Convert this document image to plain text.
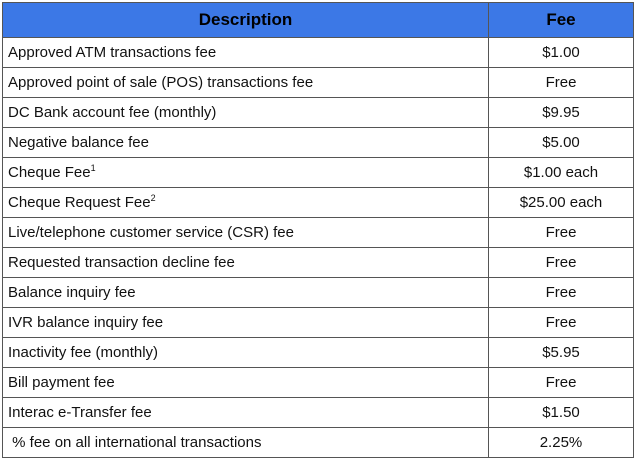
Description	Fee
Approved ATM transactions fee	$1.00
Approved point of sale (POS) transactions fee	Free
DC Bank account fee (monthly)	$9.95
Negative balance fee	$5.00
Cheque Fee$^1$	$1.00 each
Cheque Request Fee$^2$	$25.00 each
Live/telephone customer service (CSR) fee	Free
Requested transaction decline fee	Free
Balance inquiry fee	Free
IVR balance inquiry fee	Free
Inactivity fee (monthly)	$5.95
Bill payment fee	Free
Interac e-Transfer fee	$1.50
% fee on all international transactions	2.25%
